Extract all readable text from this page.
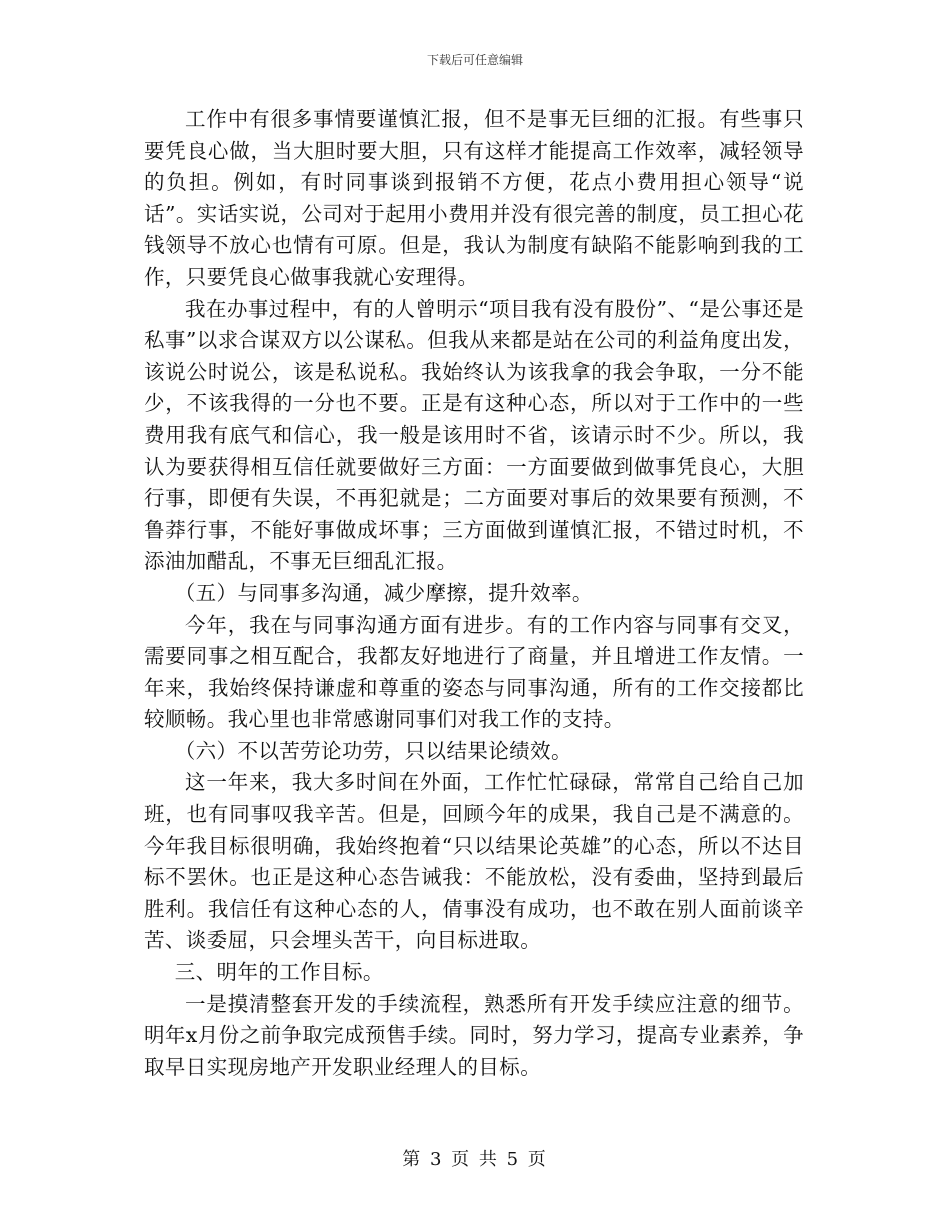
下载后可任意编辑

工作中有很多事情要谨慎汇报，但不是事无巨细的汇报。有些事只要凭良心做，当大胆时要大胆，只有这样才能提高工作效率，减轻领导的负担。例如，有时同事谈到报销不方便，花点小费用担心领导“说话”。实话实说，公司对于起用小费用并没有很完善的制度，员工担心花钱领导不放心也情有可原。但是，我认为制度有缺陷不能影响到我的工作，只要凭良心做事我就心安理得。

我在办事过程中，有的人曾明示“项目我有没有股份”、“是公事还是私事”以求合谋双方以公谋私。但我从来都是站在公司的利益角度出发，该说公时说公，该是私说私。我始终认为该我拿的我会争取，一分不能少，不该我得的一分也不要。正是有这种心态，所以对于工作中的一些费用我有底气和信心，我一般是该用时不省，该请示时不少。所以，我认为要获得相互信任就要做好三方面：一方面要做到做事凭良心，大胆行事，即便有失误，不再犯就是；二方面要对事后的效果要有预测，不鲁莽行事，不能好事做成坏事；三方面做到谨慎汇报，不错过时机，不添油加醋乱，不事无巨细乱汇报。

（五）与同事多沟通，减少摩擦，提升效率。

今年，我在与同事沟通方面有进步。有的工作内容与同事有交叉，需要同事之相互配合，我都友好地进行了商量，并且增进工作友情。一年来，我始终保持谦虚和尊重的姿态与同事沟通，所有的工作交接都比较顺畅。我心里也非常感谢同事们对我工作的支持。

（六）不以苦劳论功劳，只以结果论绩效。

这一年来，我大多时间在外面，工作忙忙碌碌，常常自己给自己加班，也有同事叹我辛苦。但是，回顾今年的成果，我自己是不满意的。今年我目标很明确，我始终抱着“只以结果论英雄”的心态，所以不达目标不罢休。也正是这种心态告诫我：不能放松，没有委曲，坚持到最后胜利。我信任有这种心态的人，倩事没有成功，也不敢在别人面前谈辛苦、谈委屈，只会埋头苦干，向目标进取。

三、明年的工作目标。

一是摸清整套开发的手续流程，熟悉所有开发手续应注意的细节。明年x月份之前争取完成预售手续。同时，努力学习，提高专业素养，争取早日实现房地产开发职业经理人的目标。

第 3 页 共 5 页
